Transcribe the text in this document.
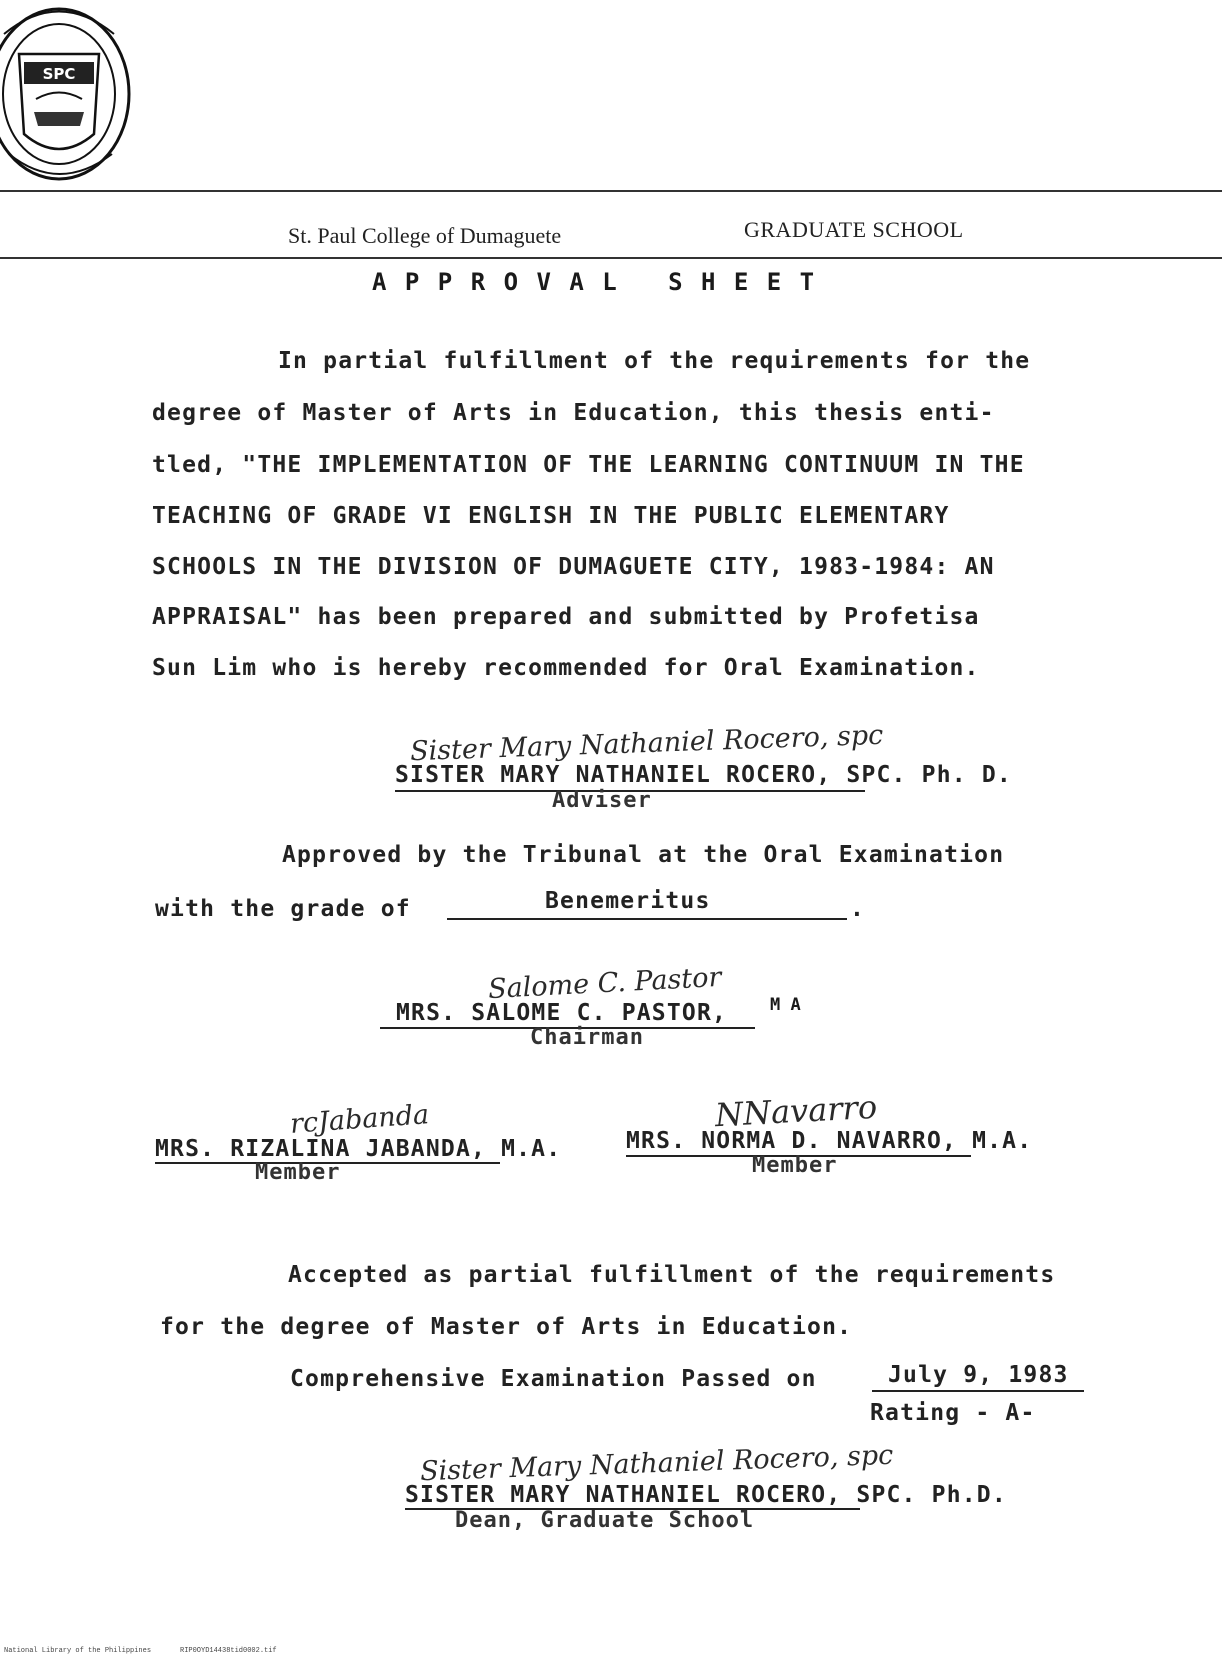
SPC
St. Paul College of Dumaguete	GRADUATE SCHOOL
A P P R O V A L   S H E E T
In partial fulfillment of the requirements for the
degree of Master of Arts in Education, this thesis enti-
tled, "THE IMPLEMENTATION OF THE LEARNING CONTINUUM IN THE
TEACHING OF GRADE VI ENGLISH IN THE PUBLIC ELEMENTARY
SCHOOLS IN THE DIVISION OF DUMAGUETE CITY, 1983-1984: AN
APPRAISAL" has been prepared and submitted by Profetisa
Sun Lim who is hereby recommended for Oral Examination.
Sister Mary Nathaniel Rocero, spc
SISTER MARY NATHANIEL ROCERO, SPC. Ph. D.
Adviser
Approved by the Tribunal at the Oral Examination
with the grade of	Benemeritus	.
Salome C. Pastor
MRS. SALOME C. PASTOR,	M A
Chairman
rcJabanda
MRS. RIZALINA JABANDA, M.A.
Member
NNavarro
MRS. NORMA D. NAVARRO, M.A.
Member
Accepted as partial fulfillment of the requirements
for the degree of Master of Arts in Education.
Comprehensive Examination Passed on	July 9, 1983
Rating - A-
Sister Mary Nathaniel Rocero, spc
SISTER MARY NATHANIEL ROCERO, SPC. Ph.D.
Dean, Graduate School
National Library of the Philippines	RIP0OYD14438tid0002.tif
